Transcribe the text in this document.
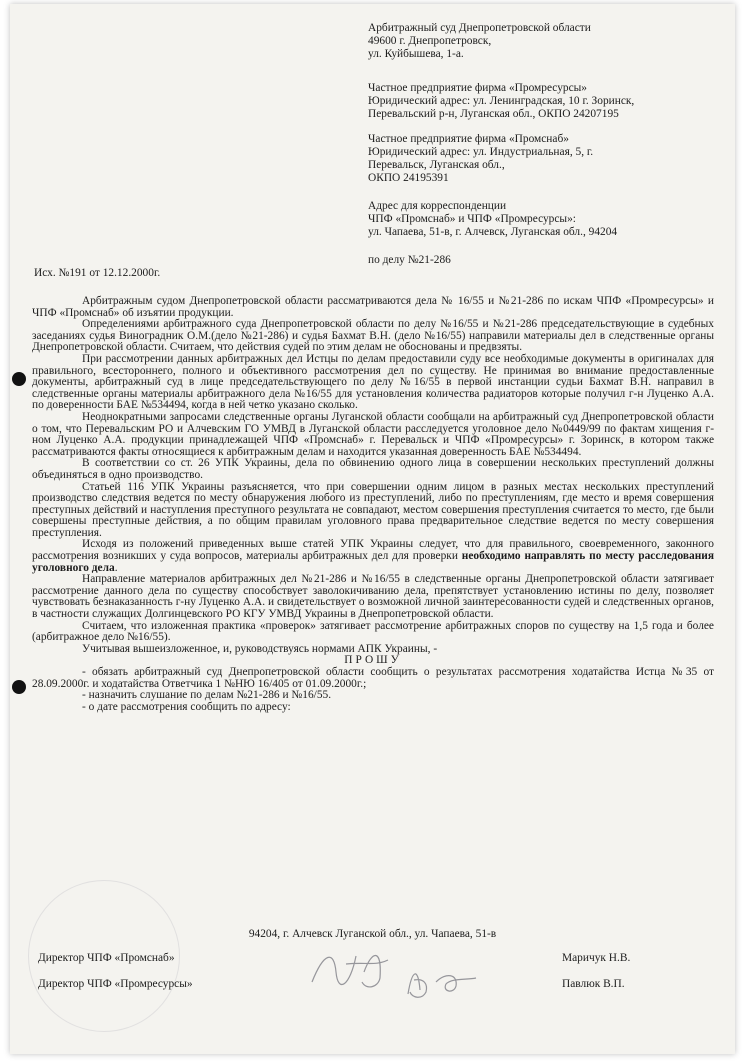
Арбитражный суд Днепропетровской области
49600 г. Днепропетровск,
ул. Куйбышева, 1-а.
Частное предприятие фирма «Промресурсы»
Юридический адрес: ул. Ленинградская, 10 г. Зоринск,
Перевальский р-н, Луганская обл., ОКПО 24207195
Частное предприятие фирма «Промснаб»
Юридический адрес: ул. Индустриальная, 5, г.
Перевальск, Луганская обл.,
ОКПО 24195391
Адрес для корреспонденции
ЧПФ «Промснаб» и ЧПФ «Промресурсы»:
ул. Чапаева, 51-в, г. Алчевск, Луганская обл., 94204
по делу №21-286
Исх. №191 от 12.12.2000г.

Арбитражным судом Днепропетровской области рассматриваются дела № 16/55 и №21-286 по искам ЧПФ «Промресурсы» и ЧПФ «Промснаб» об изъятии продукции.

Определениями арбитражного суда Днепропетровской области по делу №16/55 и №21-286 председательствующие в судебных заседаниях судья Виноградник О.М.(дело №21-286) и судья Бахмат В.Н. (дело №16/55) направили материалы дел в следственные органы Днепропетровской области. Считаем, что действия судей по этим делам не обоснованы и предвзяты.

При рассмотрении данных арбитражных дел Истцы по делам предоставили суду все необходимые документы в оригиналах для правильного, всестороннего, полного и объективного рассмотрения дел по существу. Не принимая во внимание предоставленные документы, арбитражный суд в лице председательствующего по делу №16/55 в первой инстанции судьи Бахмат В.Н. направил в следственные органы материалы арбитражного дела №16/55 для установления количества радиаторов которые получил г-н Луценко А.А. по доверенности БАЕ №534494, когда в ней четко указано сколько.

Неоднократными запросами следственные органы Луганской области сообщали на арбитражный суд Днепропетровской области о том, что Перевальским РО и Алчевским ГО УМВД в Луганской области расследуется уголовное дело №0449/99 по фактам хищения г-ном Луценко А.А. продукции принадлежащей ЧПФ «Промснаб» г. Перевальск и ЧПФ «Промресурсы» г. Зоринск, в котором также рассматриваются факты относящиеся к арбитражным делам и находится указанная доверенность БАЕ №534494.

В соответствии со ст. 26 УПК Украины, дела по обвинению одного лица в совершении нескольких преступлений должны объединяться в одно производство.

Статьей 116 УПК Украины разъясняется, что при совершении одним лицом в разных местах нескольких преступлений производство следствия ведется по месту обнаружения любого из преступлений, либо по преступлениям, где место и время совершения преступных действий и наступления преступного результата не совпадают, местом совершения преступления считается то место, где были совершены преступные действия, а по общим правилам уголовного права предварительное следствие ведется по месту совершения преступления.

Исходя из положений приведенных выше статей УПК Украины следует, что для правильного, своевременного, законного рассмотрения возникших у суда вопросов, материалы арбитражных дел для проверки необходимо направлять по месту расследования уголовного дела.

Направление материалов арбитражных дел №21-286 и №16/55 в следственные органы Днепропетровской области затягивает рассмотрение данного дела по существу способствует заволокичиванию дела, препятствует установлению истины по делу, позволяет чувствовать безнаказанность г-ну Луценко А.А. и свидетельствует о возможной личной заинтересованности судей и следственных органов, в частности служащих Долгинцевского РО КГУ УМВД Украины в Днепропетровской области.

Считаем, что изложенная практика «проверок» затягивает рассмотрение арбитражных споров по существу на 1,5 года и более (арбитражное дело №16/55).

Учитывая вышеизложенное, и, руководствуясь нормами АПК Украины, -

ПРОШУ

- обязать арбитражный суд Днепропетровской области сообщить о результатах рассмотрения ходатайства Истца №35 от 28.09.2000г. и ходатайства Ответчика 1 №НЮ 16/405 от 01.09.2000г.;

- назначить слушание по делам №21-286 и №16/55.

- о дате рассмотрения сообщить по адресу:

94204, г. Алчевск Луганской обл., ул. Чапаева, 51-в
Директор ЧПФ «Промснаб»	Маричук Н.В.
Директор ЧПФ «Промресурсы»	Павлюк В.П.
